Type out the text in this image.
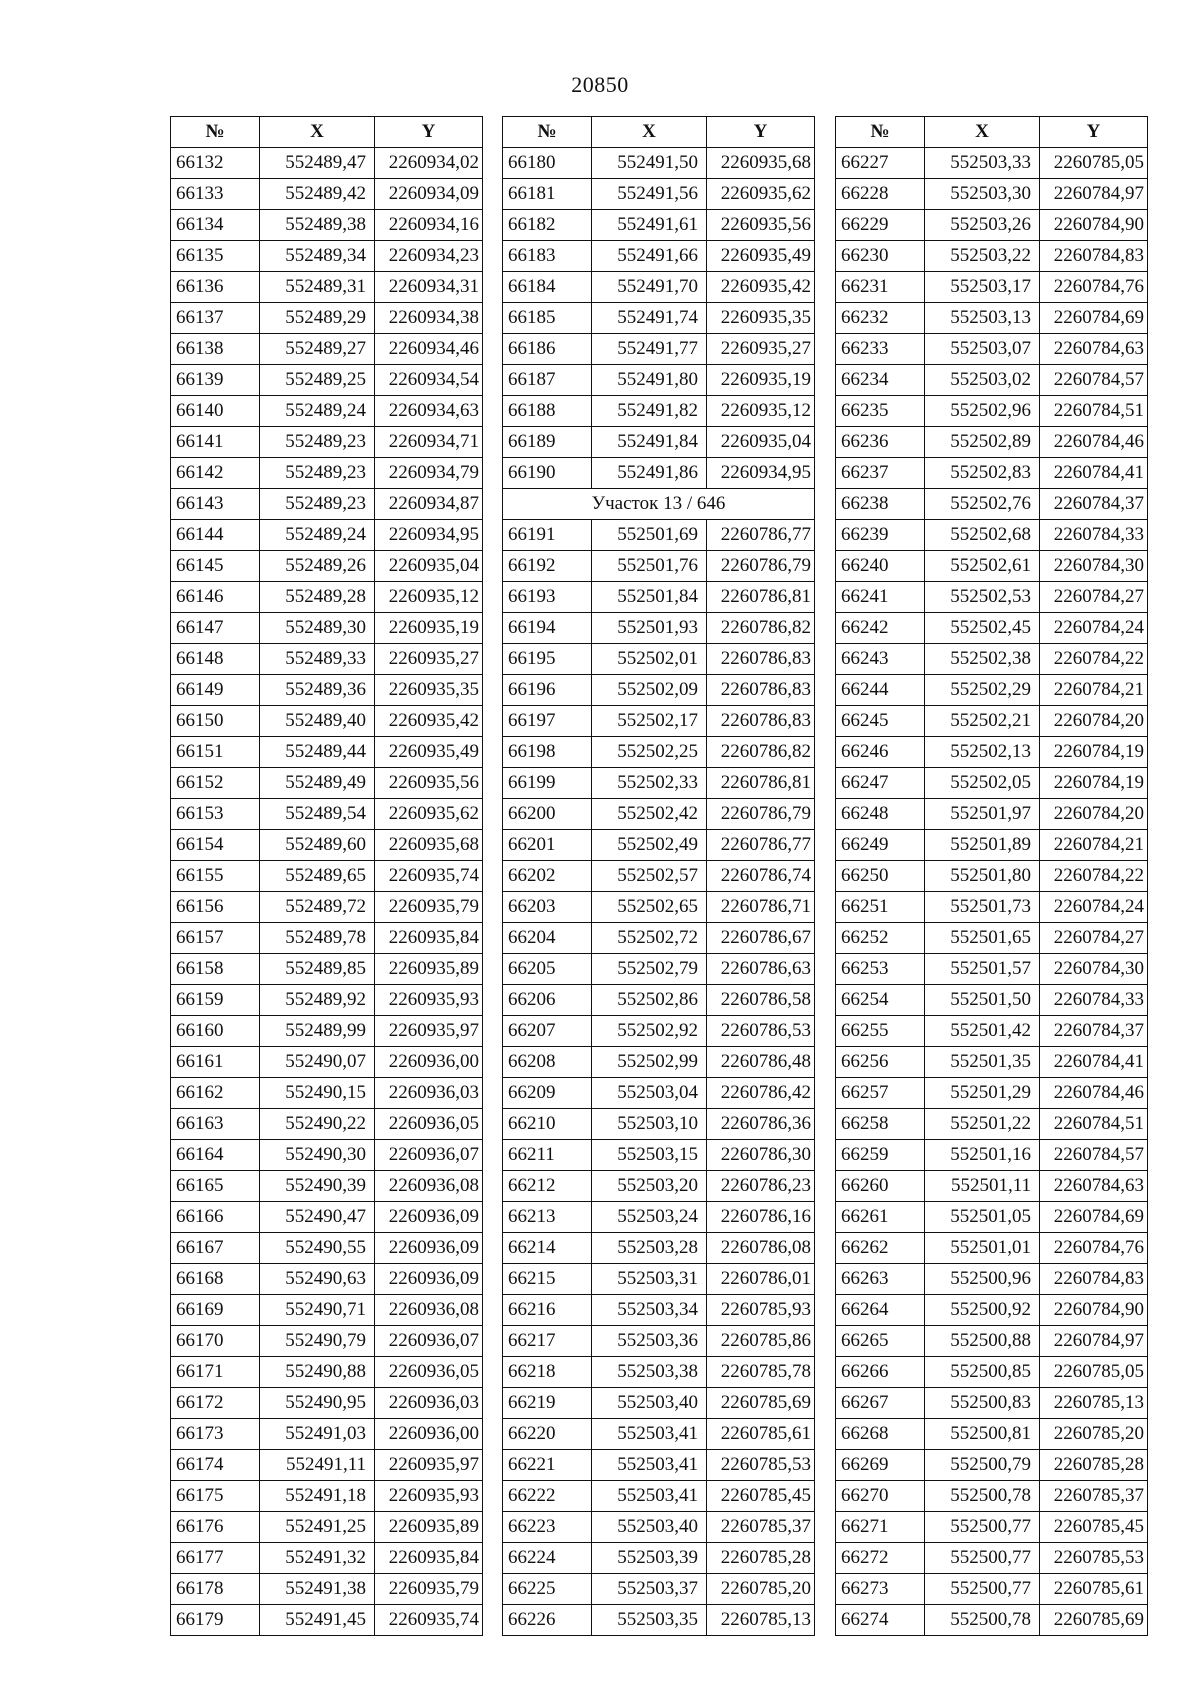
20850
№	X	Y
66132	552489,47	2260934,02
66133	552489,42	2260934,09
66134	552489,38	2260934,16
66135	552489,34	2260934,23
66136	552489,31	2260934,31
66137	552489,29	2260934,38
66138	552489,27	2260934,46
66139	552489,25	2260934,54
66140	552489,24	2260934,63
66141	552489,23	2260934,71
66142	552489,23	2260934,79
66143	552489,23	2260934,87
66144	552489,24	2260934,95
66145	552489,26	2260935,04
66146	552489,28	2260935,12
66147	552489,30	2260935,19
66148	552489,33	2260935,27
66149	552489,36	2260935,35
66150	552489,40	2260935,42
66151	552489,44	2260935,49
66152	552489,49	2260935,56
66153	552489,54	2260935,62
66154	552489,60	2260935,68
66155	552489,65	2260935,74
66156	552489,72	2260935,79
66157	552489,78	2260935,84
66158	552489,85	2260935,89
66159	552489,92	2260935,93
66160	552489,99	2260935,97
66161	552490,07	2260936,00
66162	552490,15	2260936,03
66163	552490,22	2260936,05
66164	552490,30	2260936,07
66165	552490,39	2260936,08
66166	552490,47	2260936,09
66167	552490,55	2260936,09
66168	552490,63	2260936,09
66169	552490,71	2260936,08
66170	552490,79	2260936,07
66171	552490,88	2260936,05
66172	552490,95	2260936,03
66173	552491,03	2260936,00
66174	552491,11	2260935,97
66175	552491,18	2260935,93
66176	552491,25	2260935,89
66177	552491,32	2260935,84
66178	552491,38	2260935,79
66179	552491,45	2260935,74
№	X	Y
66180	552491,50	2260935,68
66181	552491,56	2260935,62
66182	552491,61	2260935,56
66183	552491,66	2260935,49
66184	552491,70	2260935,42
66185	552491,74	2260935,35
66186	552491,77	2260935,27
66187	552491,80	2260935,19
66188	552491,82	2260935,12
66189	552491,84	2260935,04
66190	552491,86	2260934,95
Участок 13 / 646		
66191	552501,69	2260786,77
66192	552501,76	2260786,79
66193	552501,84	2260786,81
66194	552501,93	2260786,82
66195	552502,01	2260786,83
66196	552502,09	2260786,83
66197	552502,17	2260786,83
66198	552502,25	2260786,82
66199	552502,33	2260786,81
66200	552502,42	2260786,79
66201	552502,49	2260786,77
66202	552502,57	2260786,74
66203	552502,65	2260786,71
66204	552502,72	2260786,67
66205	552502,79	2260786,63
66206	552502,86	2260786,58
66207	552502,92	2260786,53
66208	552502,99	2260786,48
66209	552503,04	2260786,42
66210	552503,10	2260786,36
66211	552503,15	2260786,30
66212	552503,20	2260786,23
66213	552503,24	2260786,16
66214	552503,28	2260786,08
66215	552503,31	2260786,01
66216	552503,34	2260785,93
66217	552503,36	2260785,86
66218	552503,38	2260785,78
66219	552503,40	2260785,69
66220	552503,41	2260785,61
66221	552503,41	2260785,53
66222	552503,41	2260785,45
66223	552503,40	2260785,37
66224	552503,39	2260785,28
66225	552503,37	2260785,20
66226	552503,35	2260785,13
№	X	Y
66227	552503,33	2260785,05
66228	552503,30	2260784,97
66229	552503,26	2260784,90
66230	552503,22	2260784,83
66231	552503,17	2260784,76
66232	552503,13	2260784,69
66233	552503,07	2260784,63
66234	552503,02	2260784,57
66235	552502,96	2260784,51
66236	552502,89	2260784,46
66237	552502,83	2260784,41
66238	552502,76	2260784,37
66239	552502,68	2260784,33
66240	552502,61	2260784,30
66241	552502,53	2260784,27
66242	552502,45	2260784,24
66243	552502,38	2260784,22
66244	552502,29	2260784,21
66245	552502,21	2260784,20
66246	552502,13	2260784,19
66247	552502,05	2260784,19
66248	552501,97	2260784,20
66249	552501,89	2260784,21
66250	552501,80	2260784,22
66251	552501,73	2260784,24
66252	552501,65	2260784,27
66253	552501,57	2260784,30
66254	552501,50	2260784,33
66255	552501,42	2260784,37
66256	552501,35	2260784,41
66257	552501,29	2260784,46
66258	552501,22	2260784,51
66259	552501,16	2260784,57
66260	552501,11	2260784,63
66261	552501,05	2260784,69
66262	552501,01	2260784,76
66263	552500,96	2260784,83
66264	552500,92	2260784,90
66265	552500,88	2260784,97
66266	552500,85	2260785,05
66267	552500,83	2260785,13
66268	552500,81	2260785,20
66269	552500,79	2260785,28
66270	552500,78	2260785,37
66271	552500,77	2260785,45
66272	552500,77	2260785,53
66273	552500,77	2260785,61
66274	552500,78	2260785,69
